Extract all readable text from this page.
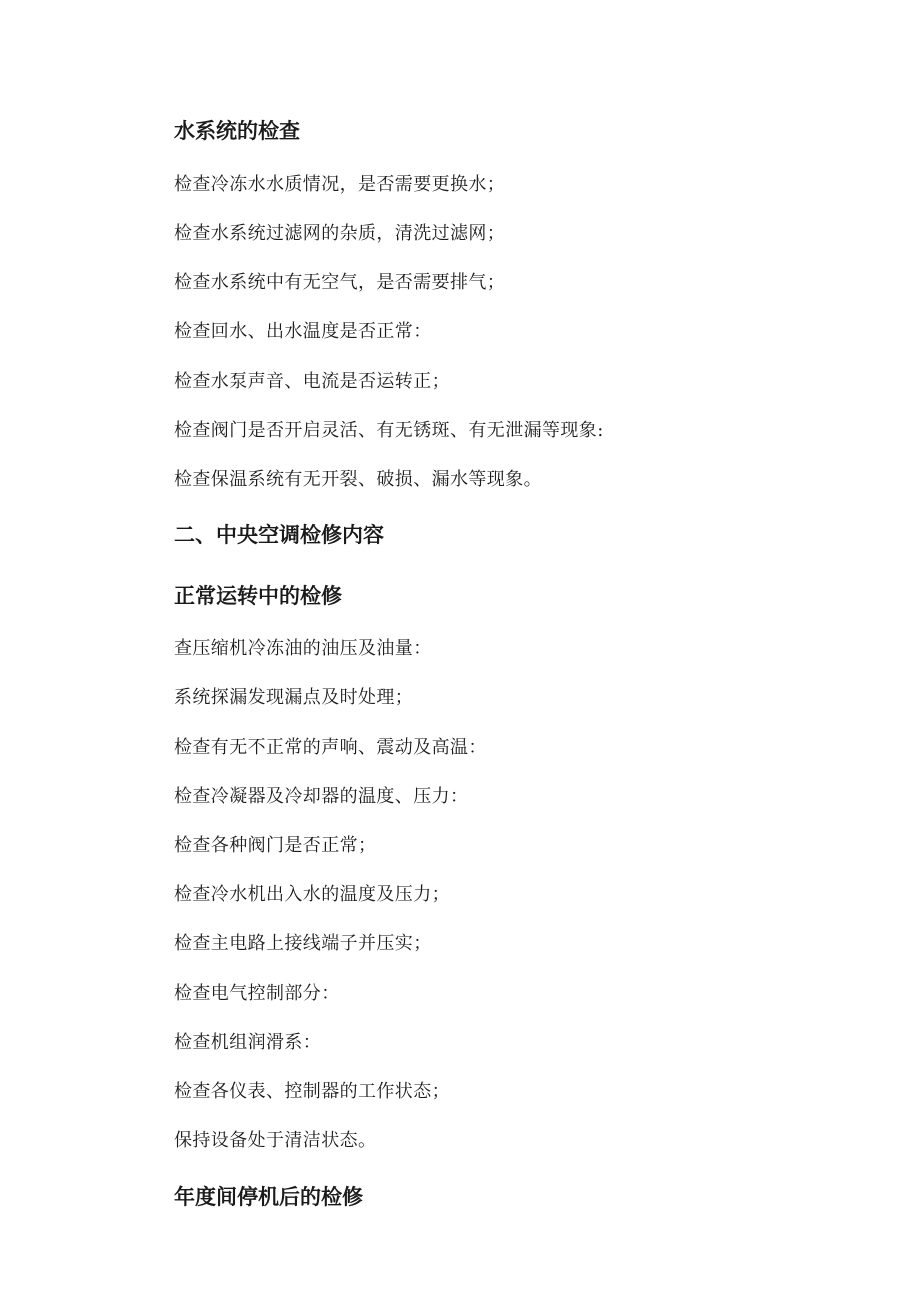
水系统的检查
检查冷冻水水质情况，是否需要更换水；
检查水系统过滤网的杂质，清洗过滤网；
检查水系统中有无空气，是否需要排气；
检查回水、出水温度是否正常：
检查水泵声音、电流是否运转正；
检查阀门是否开启灵活、有无锈斑、有无泄漏等现象:
检查保温系统有无开裂、破损、漏水等现象。
二、中央空调检修内容
正常运转中的检修
查压缩机冷冻油的油压及油量：
系统探漏发现漏点及时处理；
检查有无不正常的声响、震动及高温：
检查冷凝器及冷却器的温度、压力：
检查各种阀门是否正常；
检查冷水机出入水的温度及压力；
检查主电路上接线端子并压实；
检查电气控制部分：
检查机组润滑系：
检查各仪表、控制器的工作状态；
保持设备处于清洁状态。
年度间停机后的检修
